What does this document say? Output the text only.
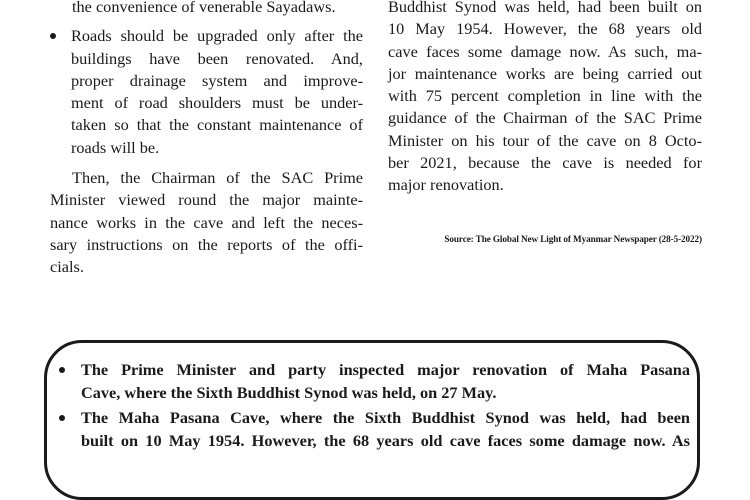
the convenience of venerable Sayadaws.
Roads should be upgraded only after the
buildings have been renovated. And,
proper drainage system and improve-
ment of road shoulders must be under-
taken so that the constant maintenance of
roads will be.
Then, the Chairman of the SAC Prime
Minister viewed round the major mainte-
nance works in the cave and left the neces-
sary instructions on the reports of the offi-
cials.
Buddhist Synod was held, had been built on
10 May 1954. However, the 68 years old
cave faces some damage now. As such, ma-
jor maintenance works are being carried out
with 75 percent completion in line with the
guidance of the Chairman of the SAC Prime
Minister on his tour of the cave on 8 Octo-
ber 2021, because the cave is needed for
major renovation.
Source: The Global New Light of Myanmar Newspaper (28-5-2022)
The Prime Minister and party inspected major renovation of Maha Pasana
Cave, where the Sixth Buddhist Synod was held, on 27 May.
The Maha Pasana Cave, where the Sixth Buddhist Synod was held, had been
built on 10 May 1954. However, the 68 years old cave faces some damage now. As
